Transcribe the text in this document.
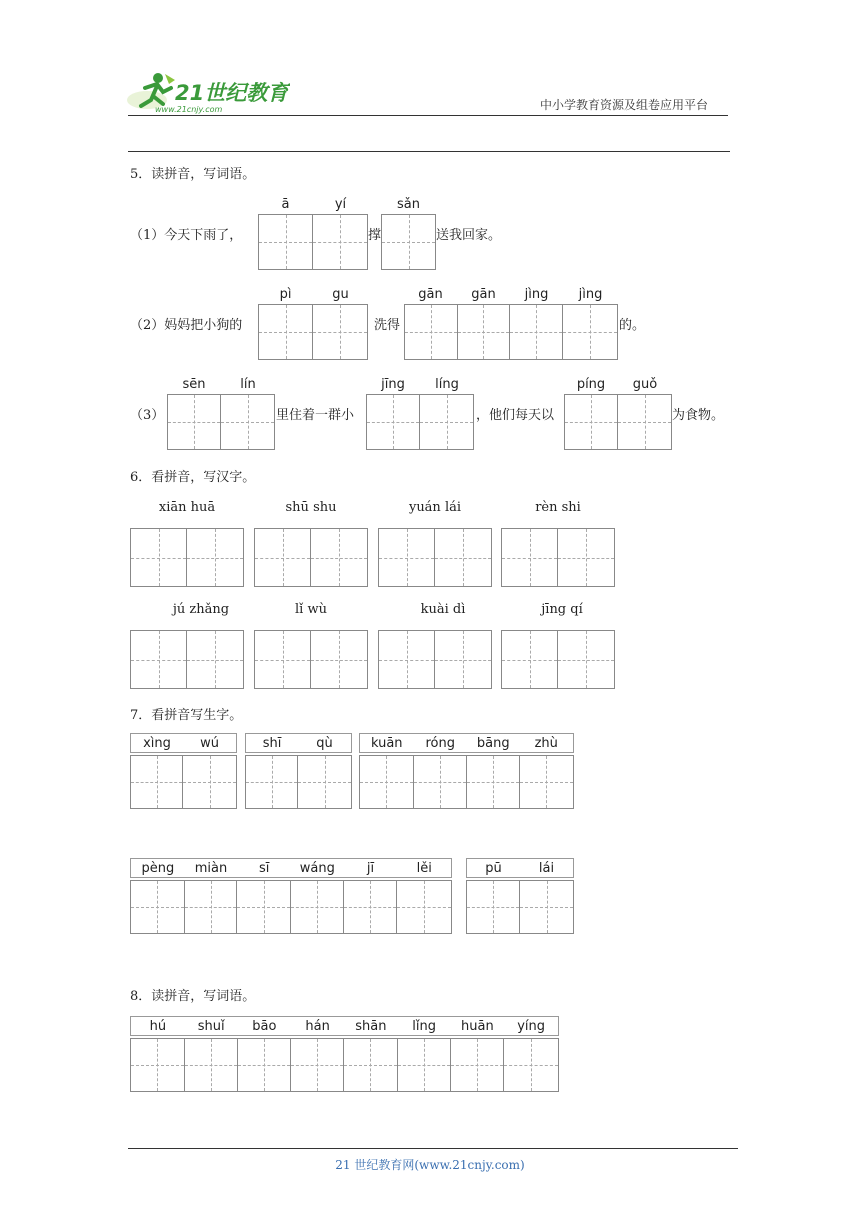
21世纪教育
www.21cnjy.com	中小学教育资源及组卷应用平台
5．读拼音，写词语。
ā	yí	sǎn
（1）今天下雨了，	撑	送我回家。
pì	gu	gān	gān	jìng	jìng
（2）妈妈把小狗的	洗得	的。
sēn	lín	jīng	líng	píng	guǒ
（3）	里住着一群小	，他们每天以	为食物。
6．看拼音，写汉字。
xiān huā	shū shu	yuán lái	rèn shi
jú zhǎng	lǐ wù	kuài dì	jīng qí
7．看拼音写生字。
xìng	wú	shī	qù	kuān	róng	bāng	zhù
pèng	miàn	sī	wáng	jī	lěi	pū	lái
8．读拼音，写词语。
hú	shuǐ	bāo	hán	shān	lǐng	huān	yíng
21 世纪教育网(www.21cnjy.com)
